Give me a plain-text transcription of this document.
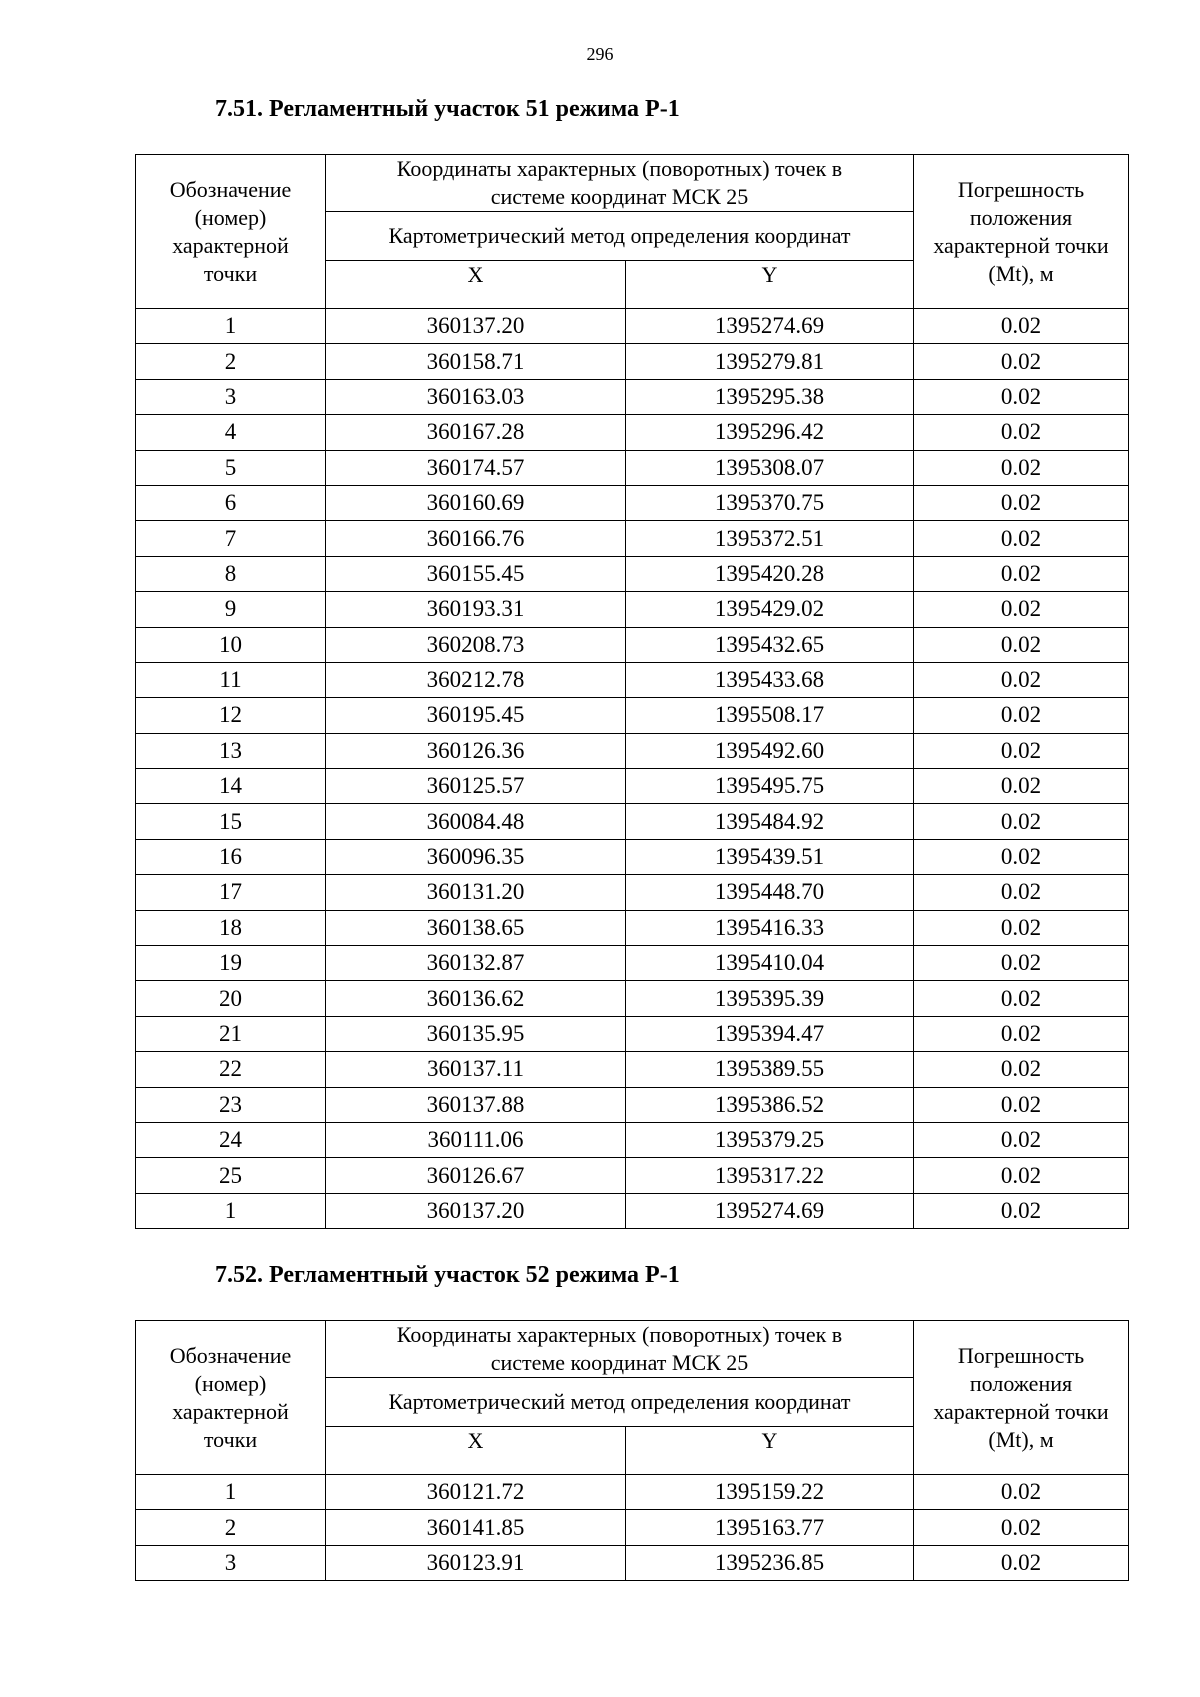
296
7.51. Регламентный участок 51 режима Р-1
Обозначение (номер) характерной точки	Координаты характерных (поворотных) точек в системе координат МСК 25		Погрешность положения характерной точки (Mt), м

	Картометрический метод определения координат		
	X	Y	
1	360137.20	1395274.69	0.02
2	360158.71	1395279.81	0.02
3	360163.03	1395295.38	0.02
4	360167.28	1395296.42	0.02
5	360174.57	1395308.07	0.02
6	360160.69	1395370.75	0.02
7	360166.76	1395372.51	0.02
8	360155.45	1395420.28	0.02
9	360193.31	1395429.02	0.02
10	360208.73	1395432.65	0.02
11	360212.78	1395433.68	0.02
12	360195.45	1395508.17	0.02
13	360126.36	1395492.60	0.02
14	360125.57	1395495.75	0.02
15	360084.48	1395484.92	0.02
16	360096.35	1395439.51	0.02
17	360131.20	1395448.70	0.02
18	360138.65	1395416.33	0.02
19	360132.87	1395410.04	0.02
20	360136.62	1395395.39	0.02
21	360135.95	1395394.47	0.02
22	360137.11	1395389.55	0.02
23	360137.88	1395386.52	0.02
24	360111.06	1395379.25	0.02
25	360126.67	1395317.22	0.02
1	360137.20	1395274.69	0.02
7.52. Регламентный участок 52 режима Р-1
Обозначение (номер) характерной точки	Координаты характерных (поворотных) точек в системе координат МСК 25		Погрешность положения характерной точки (Mt), м

	Картометрический метод определения координат		
	X	Y	
1	360121.72	1395159.22	0.02
2	360141.85	1395163.77	0.02
3	360123.91	1395236.85	0.02
